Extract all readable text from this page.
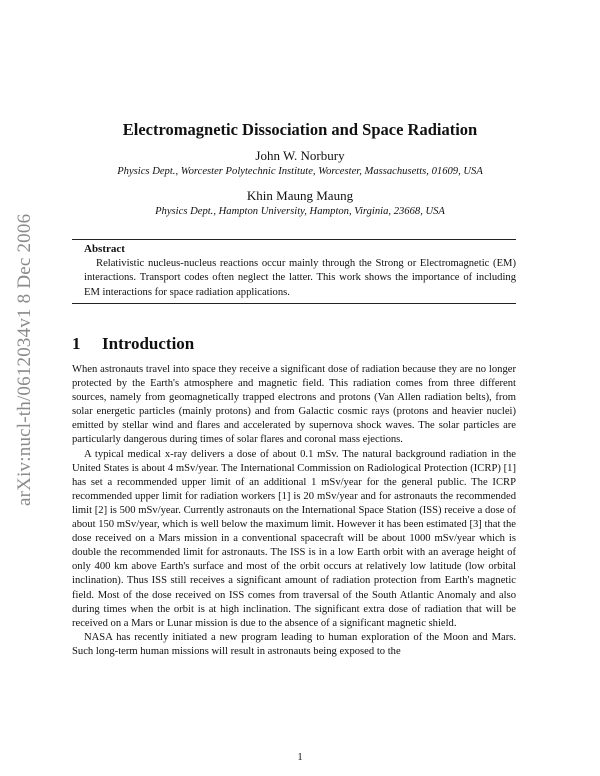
arXiv:nucl-th/0612034v1 8 Dec 2006
Electromagnetic Dissociation and Space Radiation

John W. Norbury

Physics Dept., Worcester Polytechnic Institute, Worcester, Massachusetts, 01609, USA

Khin Maung Maung

Physics Dept., Hampton University, Hampton, Virginia, 23668, USA

Abstract

Relativistic nucleus-nucleus reactions occur mainly through the Strong or Electromagnetic (EM) interactions. Transport codes often neglect the latter. This work shows the importance of including EM interactions for space radiation applications.

1 Introduction

When astronauts travel into space they receive a significant dose of radiation because they are no longer protected by the Earth's atmosphere and magnetic field. This radiation comes from three different sources, namely from geomagnetically trapped electrons and protons (Van Allen radiation belts), from solar energetic particles (mainly protons) and from Galactic cosmic rays (protons and heavier nuclei) emitted by stellar wind and flares and accelerated by supernova shock waves. The solar particles are particularly dangerous during times of solar flares and coronal mass ejections.

A typical medical x-ray delivers a dose of about 0.1 mSv. The natural background radiation in the United States is about 4 mSv/year. The International Commission on Radiological Protection (ICRP) [1] has set a recommended upper limit of an additional 1 mSv/year for the general public. The ICRP recommended upper limit for radiation workers [1] is 20 mSv/year and for astronauts the recommended limit [2] is 500 mSv/year. Currently astronauts on the International Space Station (ISS) receive a dose of about 150 mSv/year, which is well below the maximum limit. However it has been estimated [3] that the dose received on a Mars mission in a conventional spacecraft will be about 1000 mSv/year which is double the recommended limit for astronauts. The ISS is in a low Earth orbit with an average height of only 400 km above Earth's surface and most of the orbit occurs at relatively low latitude (low orbital inclination). Thus ISS still receives a significant amount of radiation protection from Earth's magnetic field. Most of the dose received on ISS comes from traversal of the South Atlantic Anomaly and also during times when the orbit is at high inclination. The significant extra dose of radiation that will be received on a Mars or Lunar mission is due to the absence of a significant magnetic shield.

NASA has recently initiated a new program leading to human exploration of the Moon and Mars. Such long-term human missions will result in astronauts being exposed to the

1
